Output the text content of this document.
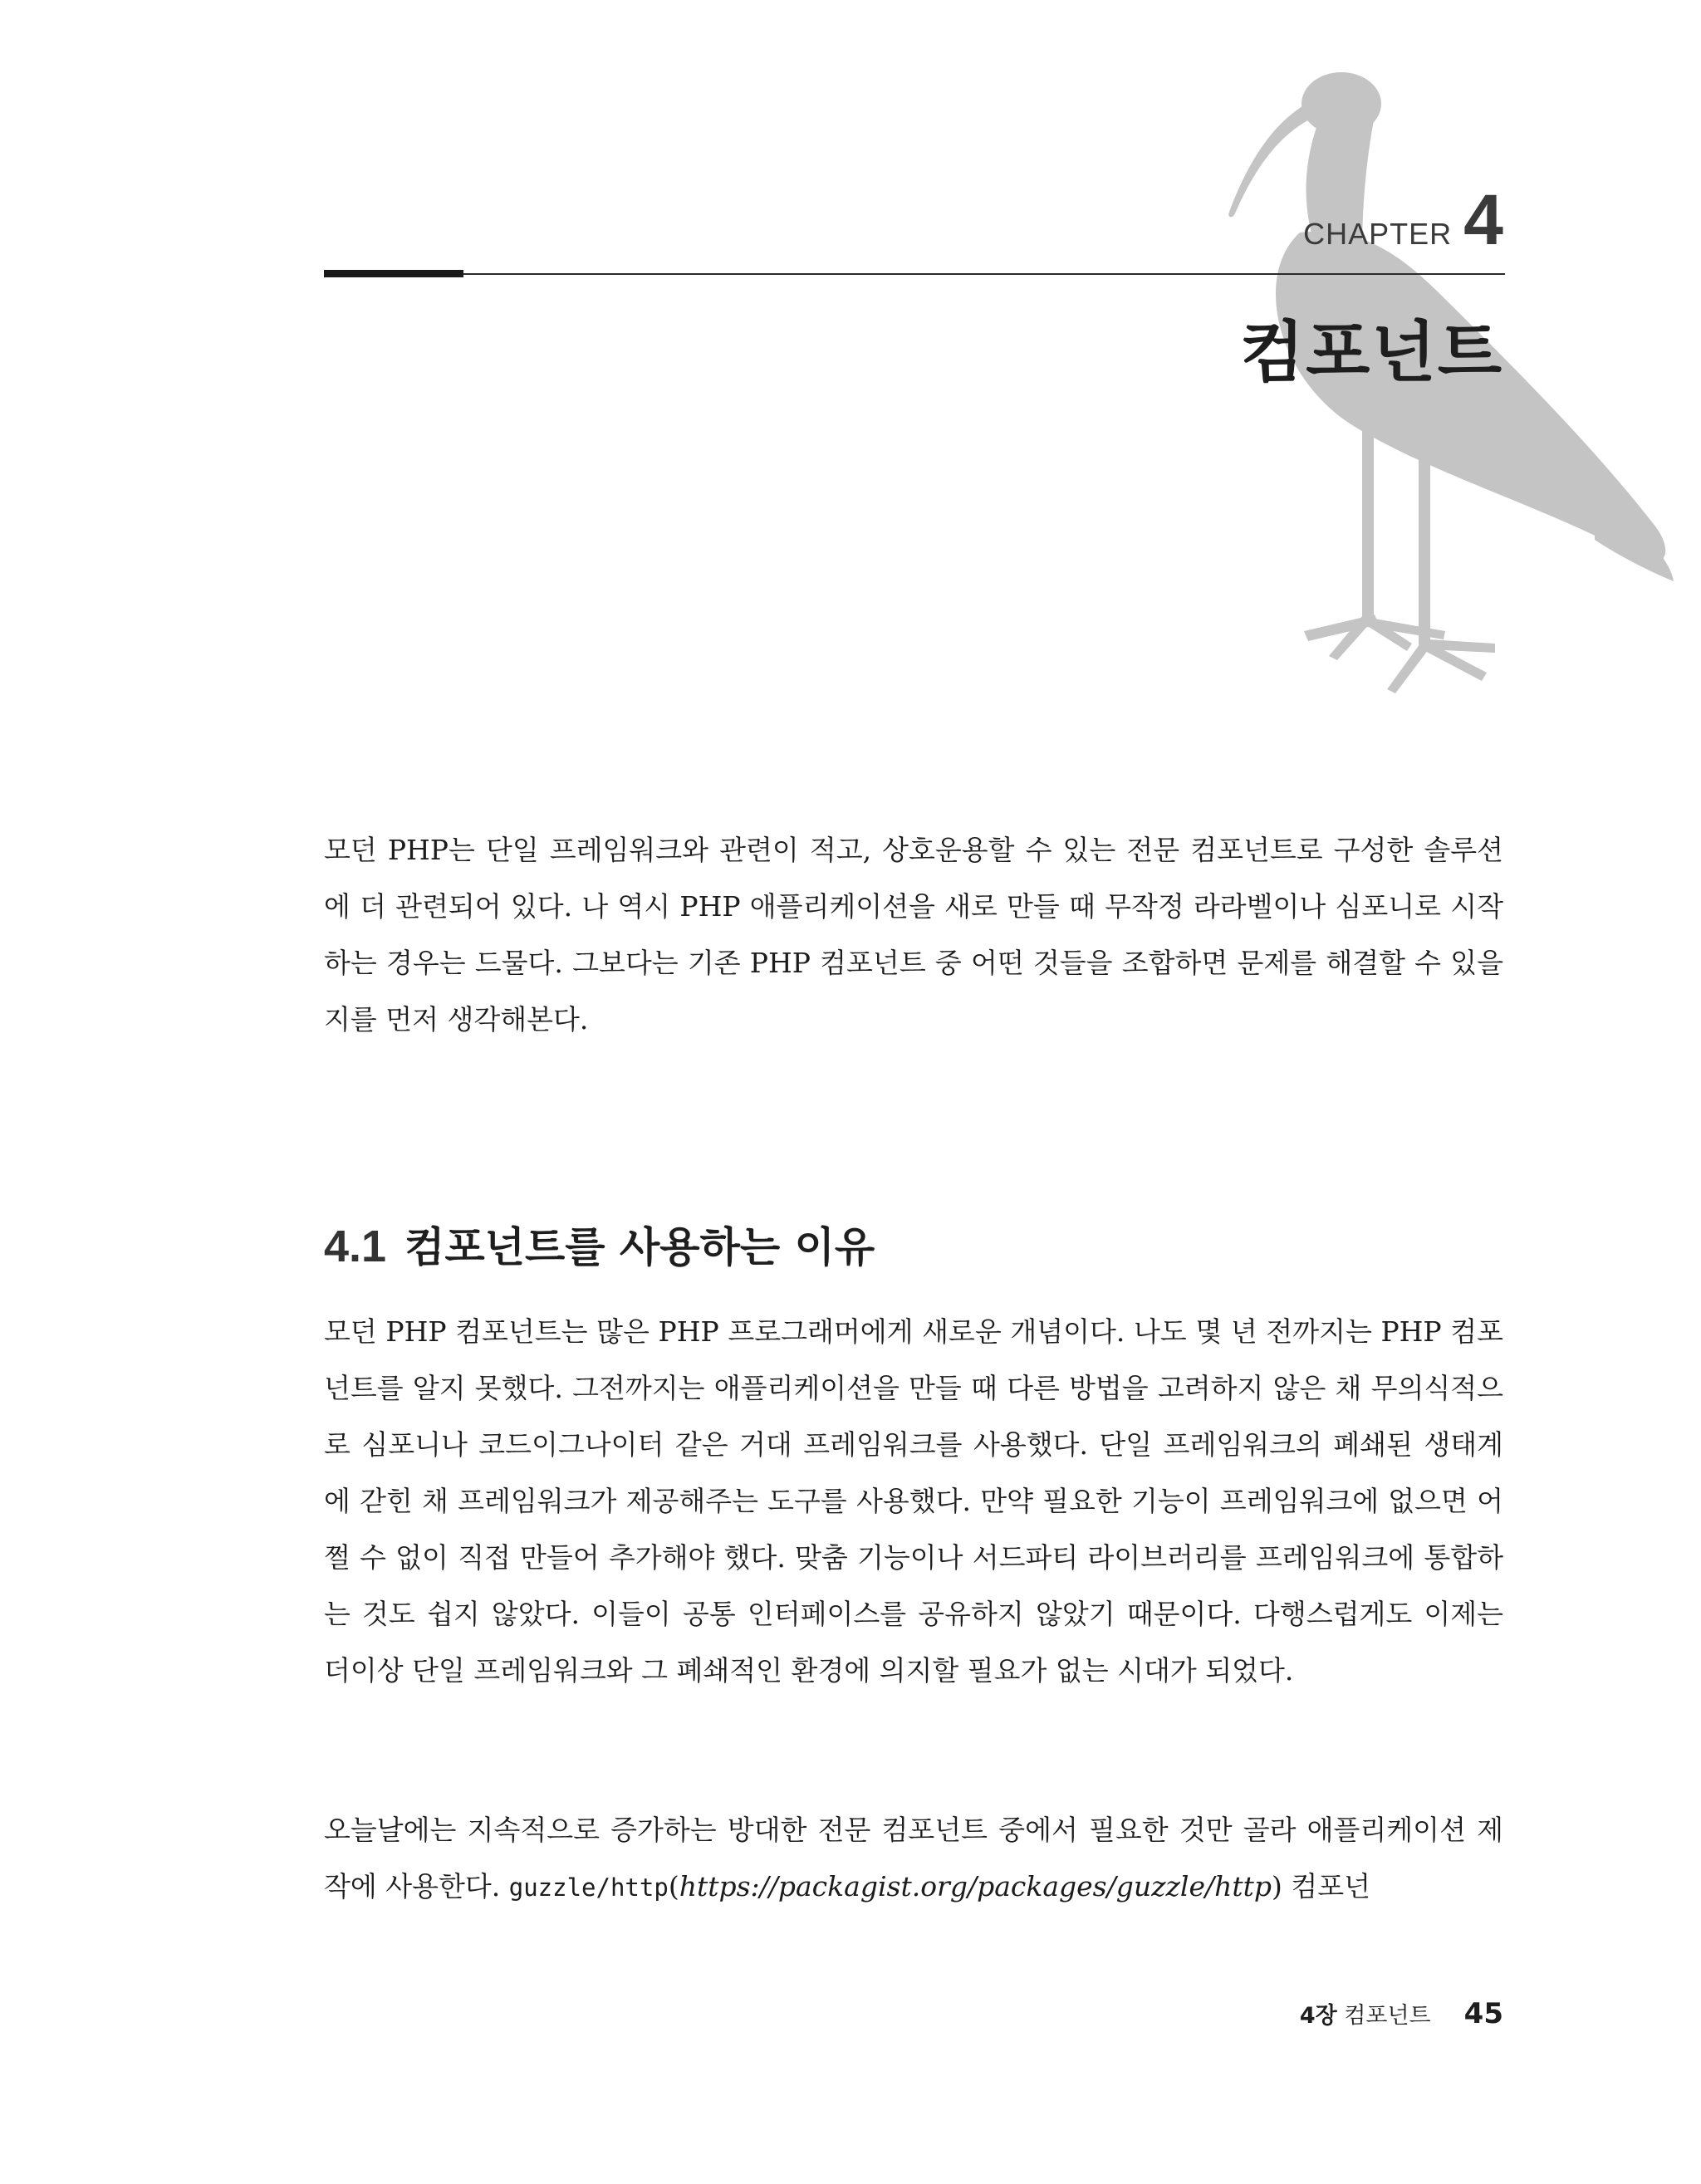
CHAPTER 4
컴포넌트

모던 PHP는 단일 프레임워크와 관련이 적고, 상호운용할 수 있는 전문 컴포넌트로 구성한 솔루션에 더 관련되어 있다. 나 역시 PHP 애플리케이션을 새로 만들 때 무작정 라라벨이나 심포니로 시작하는 경우는 드물다. 그보다는 기존 PHP 컴포넌트 중 어떤 것들을 조합하면 문제를 해결할 수 있을지를 먼저 생각해본다.

4.1 컴포넌트를 사용하는 이유

모던 PHP 컴포넌트는 많은 PHP 프로그래머에게 새로운 개념이다. 나도 몇 년 전까지는 PHP 컴포넌트를 알지 못했다. 그전까지는 애플리케이션을 만들 때 다른 방법을 고려하지 않은 채 무의식적으로 심포니나 코드이그나이터 같은 거대 프레임워크를 사용했다. 단일 프레임워크의 폐쇄된 생태계에 갇힌 채 프레임워크가 제공해주는 도구를 사용했다. 만약 필요한 기능이 프레임워크에 없으면 어쩔 수 없이 직접 만들어 추가해야 했다. 맞춤 기능이나 서드파티 라이브러리를 프레임워크에 통합하는 것도 쉽지 않았다. 이들이 공통 인터페이스를 공유하지 않았기 때문이다. 다행스럽게도 이제는 더이상 단일 프레임워크와 그 폐쇄적인 환경에 의지할 필요가 없는 시대가 되었다.

오늘날에는 지속적으로 증가하는 방대한 전문 컴포넌트 중에서 필요한 것만 골라 애플리케이션 제작에 사용한다. guzzle/http(https://packagist.org/packages/guzzle/http) 컴포넌

4장 컴포넌트 45
